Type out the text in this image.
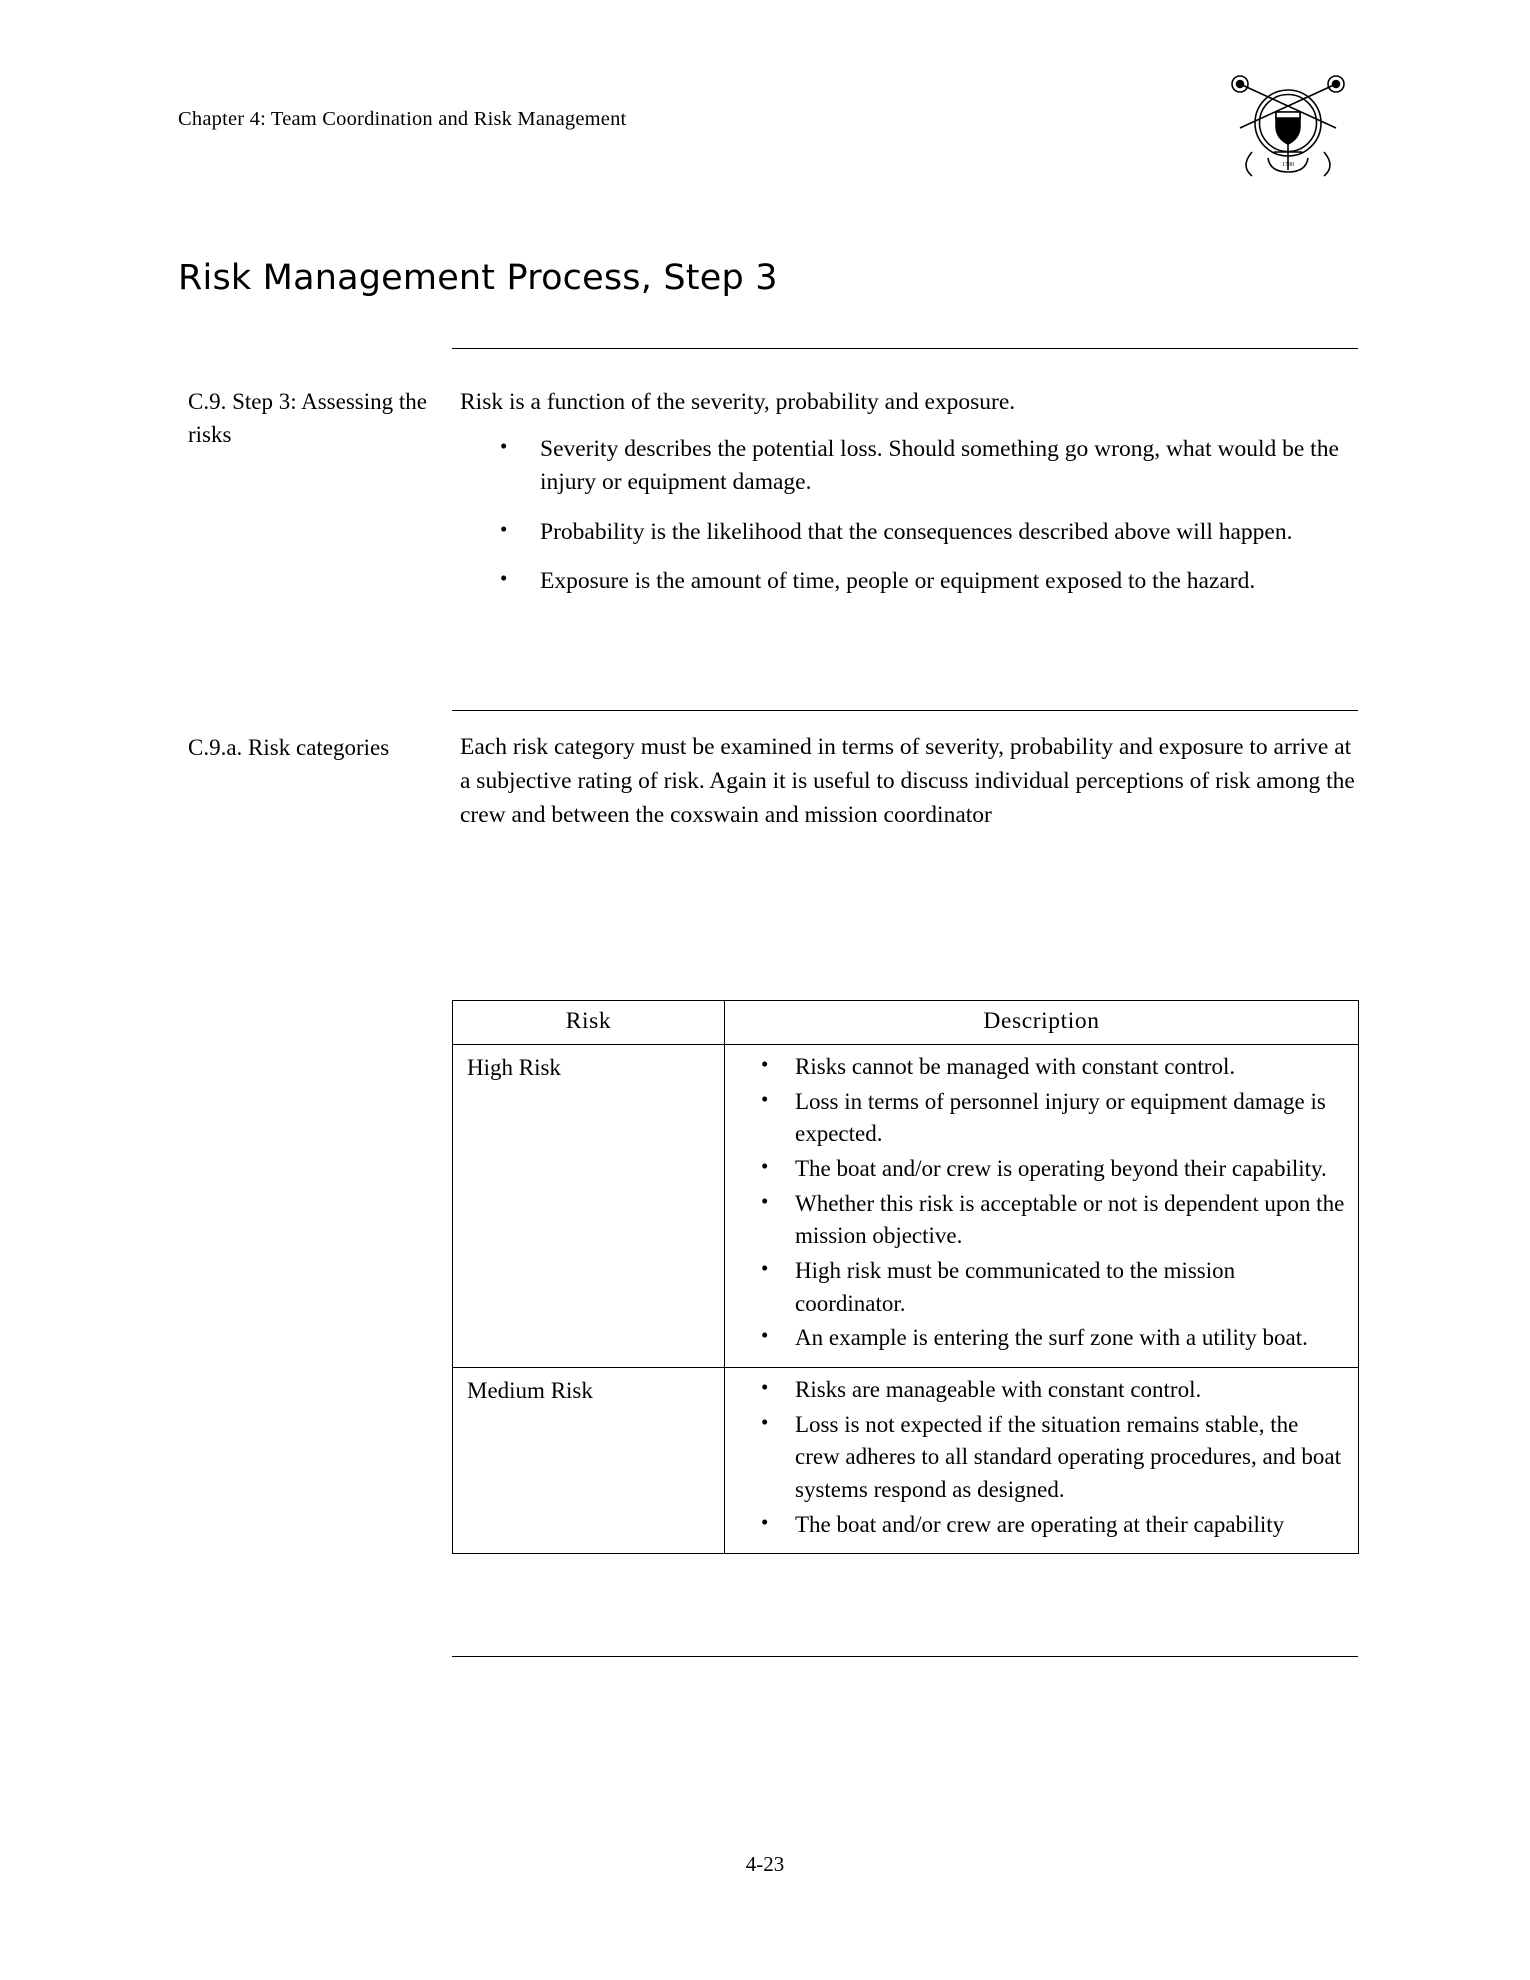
Chapter 4: Team Coordination and Risk Management
1790
Risk Management Process, Step 3
C.9. Step 3: Assessing the risks

Risk is a function of the severity, probability and exposure.

• Severity describes the potential loss. Should something go wrong, what would be the injury or equipment damage.
• Probability is the likelihood that the consequences described above will happen.
• Exposure is the amount of time, people or equipment exposed to the hazard.
C.9.a. Risk categories	Each risk category must be examined in terms of severity, probability and exposure to arrive at a subjective rating of risk. Again it is useful to discuss individual perceptions of risk among the crew and between the coxswain and mission coordinator

Risk	Description
High Risk	
•Risks cannot be managed with constant control.
• Loss in terms of personnel injury or equipment damage is expected.
• The boat and/or crew is operating beyond their capability.
• Whether this risk is acceptable or not is dependent upon the mission objective.
• High risk must be communicated to the mission coordinator.
• An example is entering the surf zone with a utility boat.

Medium Risk	
•Risks are manageable with constant control.
• Loss is not expected if the situation remains stable, the crew adheres to all standard operating procedures, and boat systems respond as designed.
• The boat and/or crew are operating at their capability
4-23
